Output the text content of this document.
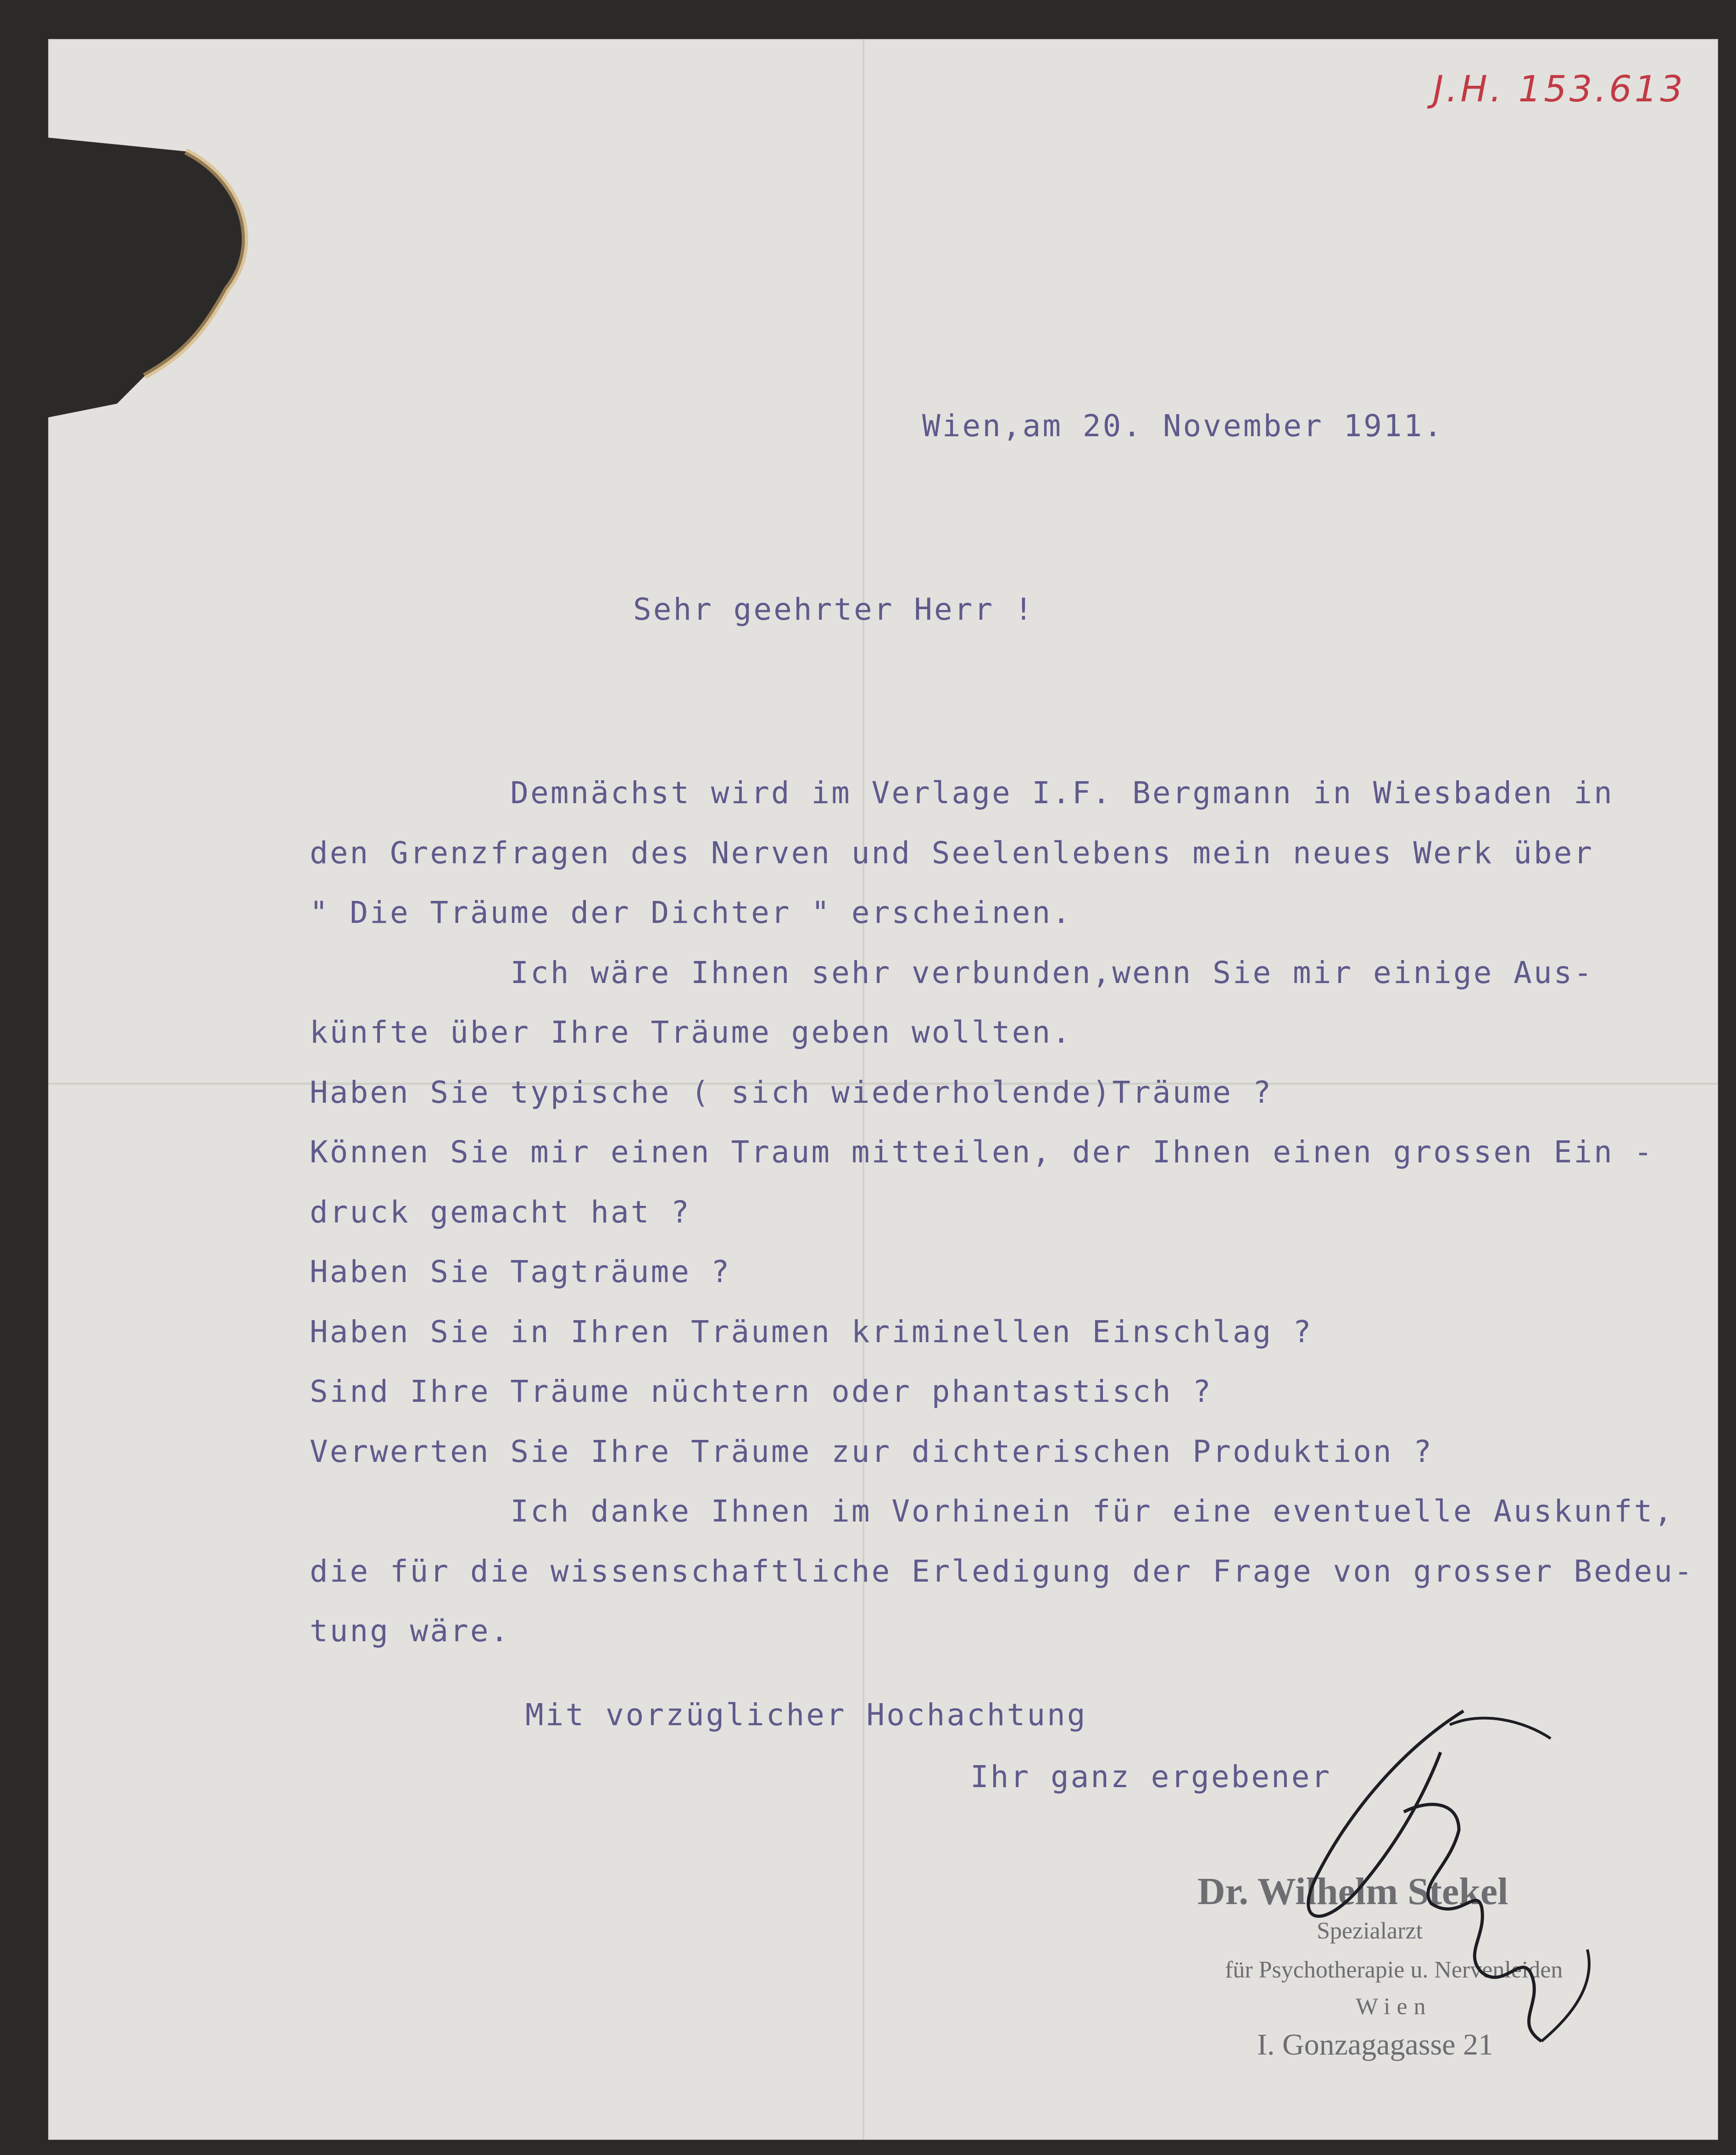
J.H. 153.613
Wien,am 20. November 1911.
Sehr geehrter Herr !
Demnächst wird im Verlage I.F. Bergmann in Wiesbaden in
den Grenzfragen des Nerven und Seelenlebens mein neues Werk über
" Die Träume der Dichter " erscheinen.
Ich wäre Ihnen sehr verbunden,wenn Sie mir einige Aus-
künfte über Ihre Träume geben wollten.
Haben Sie typische ( sich wiederholende)Träume ?
Können Sie mir einen Traum mitteilen, der Ihnen einen grossen Ein -
druck gemacht hat ?
Haben Sie Tagträume ?
Haben Sie in Ihren Träumen kriminellen Einschlag ?
Sind Ihre Träume nüchtern oder phantastisch ?
Verwerten Sie Ihre Träume zur dichterischen Produktion ?
Ich danke Ihnen im Vorhinein für eine eventuelle Auskunft,
die für die wissenschaftliche Erledigung der Frage von grosser Bedeu-
tung wäre.
Mit vorzüglicher Hochachtung
Ihr ganz ergebener
Dr. Wilhelm Stekel
Spezialarzt
für Psychotherapie u. Nervenleiden
Wien
I. Gonzagagasse 21
